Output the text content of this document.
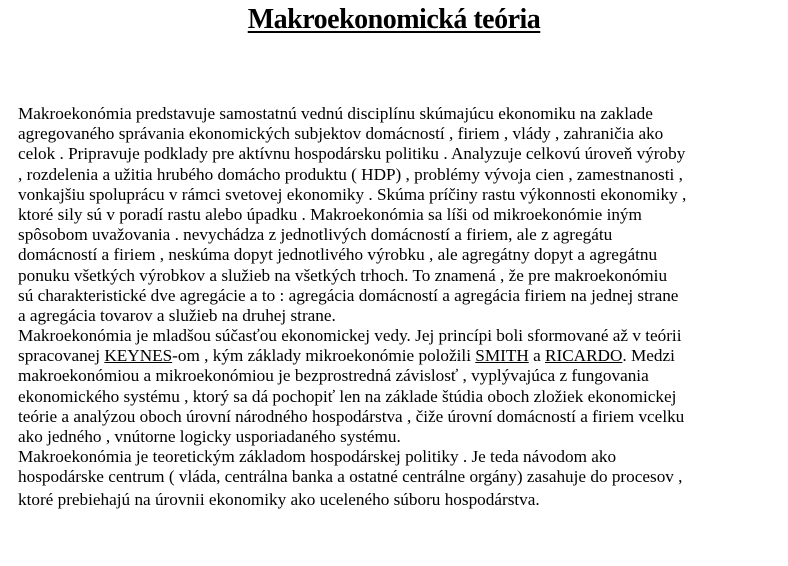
Makroekonomická teória
Makroekonómia predstavuje samostatnú vednú disciplínu skúmajúcu ekonomiku na zaklade
agregovaného správania ekonomických subjektov domácností , firiem , vlády , zahraničia ako
celok . Pripravuje podklady pre aktívnu hospodársku politiku . Analyzuje celkovú úroveň výroby
, rozdelenia a užitia hrubého domácho produktu ( HDP) , problémy vývoja cien , zamestnanosti ,
vonkajšiu spoluprácu v rámci svetovej ekonomiky . Skúma príčiny rastu výkonnosti ekonomiky ,
ktoré sily sú v poradí rastu alebo úpadku . Makroekonómia sa líši od mikroekonómie iným
spôsobom uvažovania . nevychádza z jednotlivých domácností a firiem, ale z agregátu
domácností a firiem , neskúma dopyt jednotlivého výrobku , ale agregátny dopyt a agregátnu
ponuku všetkých výrobkov a služieb na všetkých trhoch. To znamená , že pre makroekonómiu
sú charakteristické dve agregácie a to : agregácia domácností a agregácia firiem na jednej strane
a agregácia tovarov a služieb na druhej strane.
Makroekonómia je mladšou súčasťou ekonomickej vedy. Jej princípi boli sformované až v teórii
spracovanej KEYNES-om , kým základy mikroekonómie položili SMITH a RICARDO. Medzi
makroekonómiou a mikroekonómiou je bezprostredná závislosť , vyplývajúca z fungovania
ekonomického systému , ktorý sa dá pochopiť len na základe štúdia oboch zložiek ekonomickej
teórie a analýzou oboch úrovní národného hospodárstva , čiže úrovní domácností a firiem vcelku
ako jedného , vnútorne logicky usporiadaného systému.
Makroekonómia je teoretickým základom hospodárskej politiky . Je teda návodom ako
hospodárske centrum ( vláda, centrálna banka a ostatné centrálne orgány) zasahuje do procesov ,
ktoré prebiehajú na úrovnii ekonomiky ako uceleného súboru hospodárstva.
